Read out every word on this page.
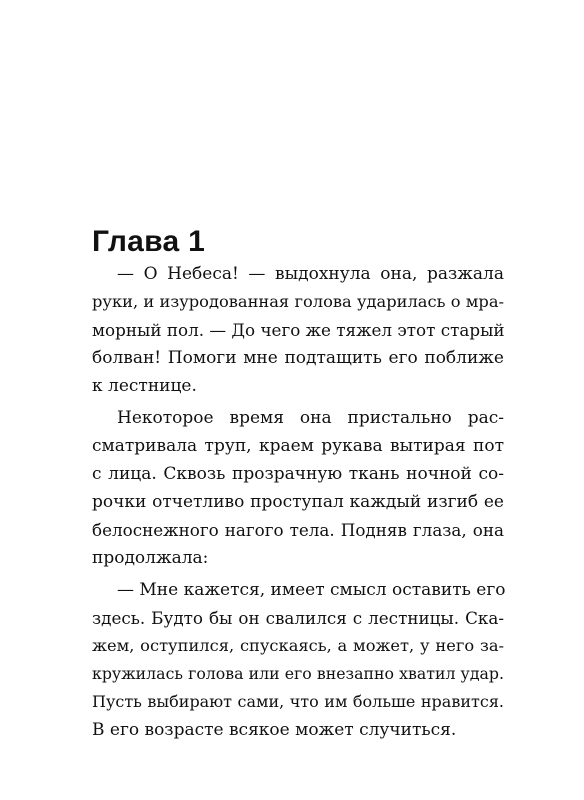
Глава 1

— О Небеса! — выдохнула она, разжала
руки, и изуродованная голова ударилась о мра-
морный пол. — До чего же тяжел этот старый
болван! Помоги мне подтащить его поближе
к лестнице.

Некоторое время она пристально рас-
сматривала труп, краем рукава вытирая пот
с лица. Сквозь прозрачную ткань ночной со-
рочки отчетливо проступал каждый изгиб ее
белоснежного нагого тела. Подняв глаза, она
продолжала:

— Мне кажется, имеет смысл оставить его
здесь. Будто бы он свалился с лестницы. Ска-
жем, оступился, спускаясь, а может, у него за-
кружилась голова или его внезапно хватил удар.
Пусть выбирают сами, что им больше нравится.
В его возрасте всякое может случиться.
